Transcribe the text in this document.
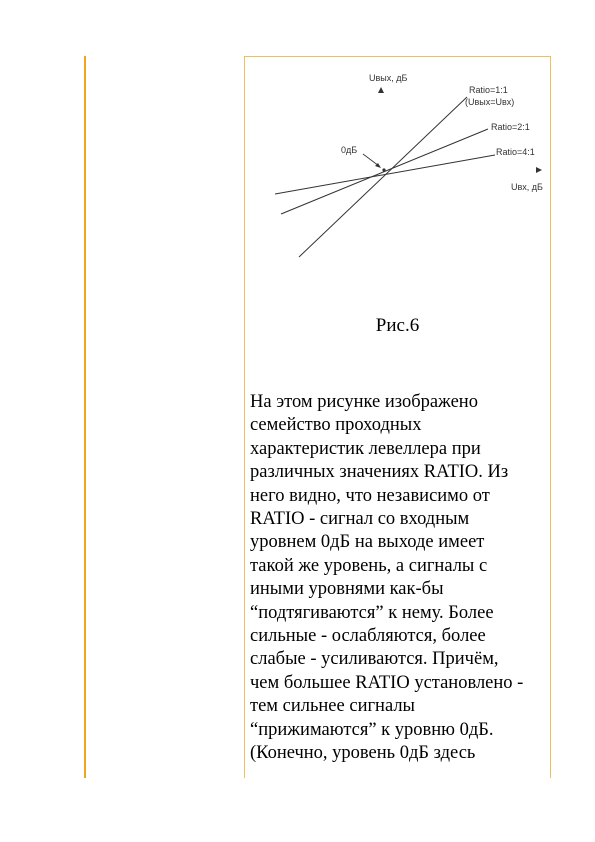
Uвых, дБ
Uвх, дБ
0дБ
Ratio=1:1
(Uвых=Uвх)
Ratio=2:1
Ratio=4:1
Рис.6
На этом рисунке изображено
семейство проходных
характеристик левеллера при
различных значениях RATIO. Из
него видно, что независимо от
RATIO - сигнал со входным
уровнем 0дБ на выходе имеет
такой же уровень, а сигналы с
иными уровнями как-бы
“подтягиваются” к нему. Более
сильные - ослабляются, более
слабые - усиливаются. Причём,
чем большее RATIO установлено -
тем сильнее сигналы
“прижимаются” к уровню 0дБ.
(Конечно, уровень 0дБ здесь
